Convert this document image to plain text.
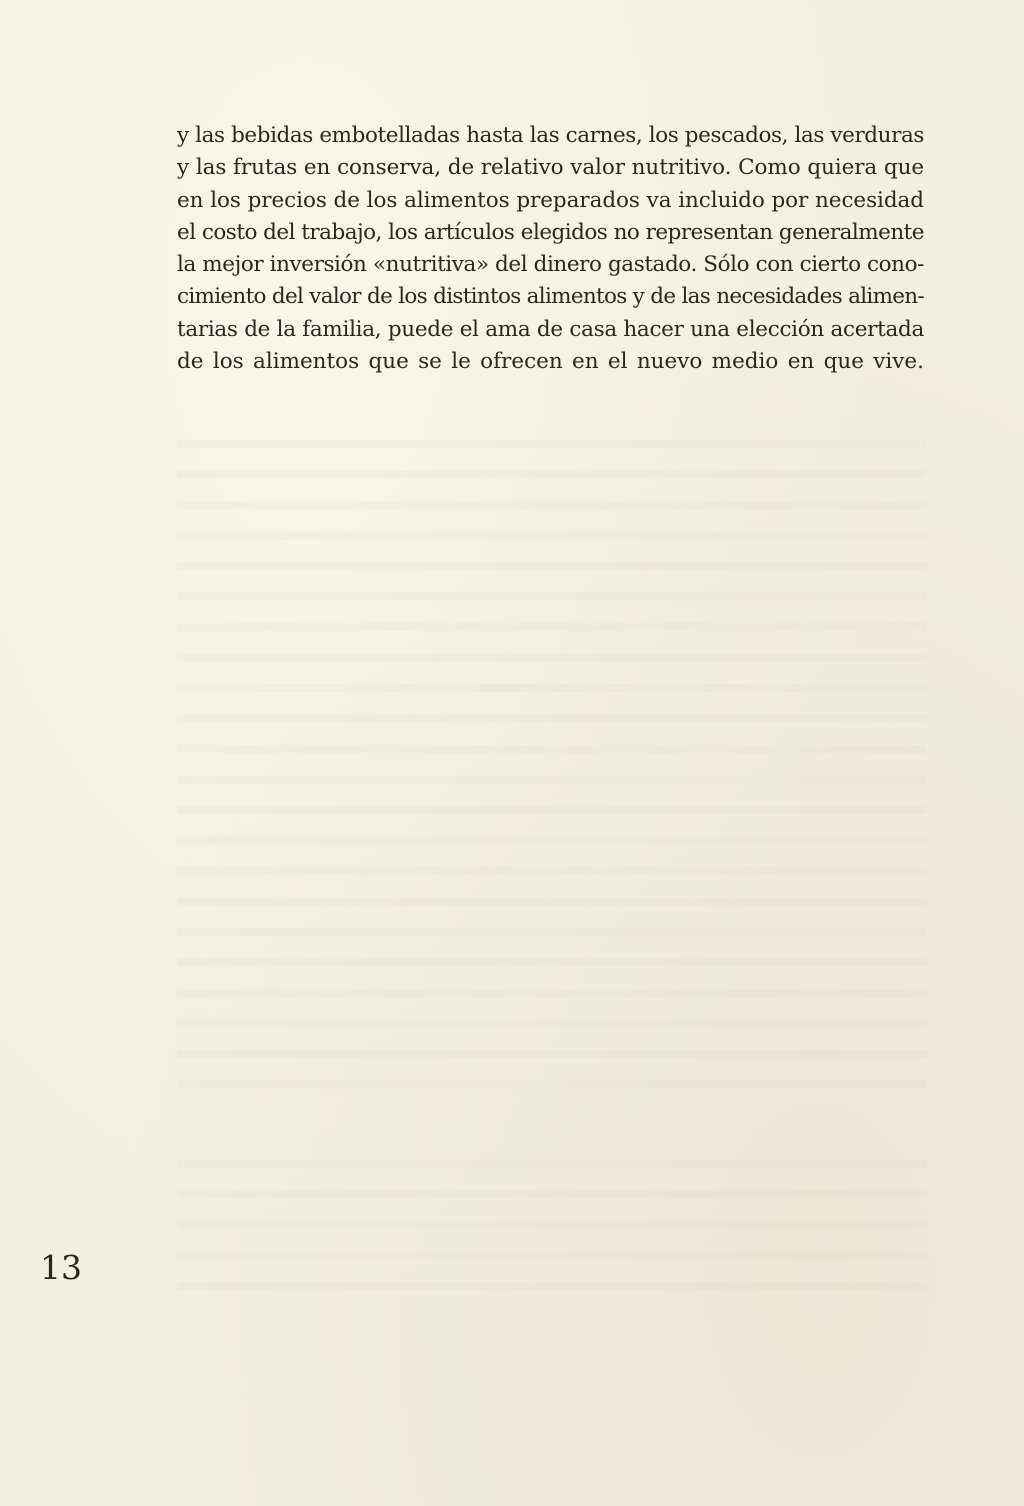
y las bebidas embotelladas hasta las carnes, los pescados, las verduras
y las frutas en conserva, de relativo valor nutritivo. Como quiera que
en los precios de los alimentos preparados va incluido por necesidad
el costo del trabajo, los artículos elegidos no representan generalmente
la mejor inversión «nutritiva» del dinero gastado. Sólo con cierto cono-
cimiento del valor de los distintos alimentos y de las necesidades alimen-
tarias de la familia, puede el ama de casa hacer una elección acertada
de los alimentos que se le ofrecen en el nuevo medio en que vive.

13
